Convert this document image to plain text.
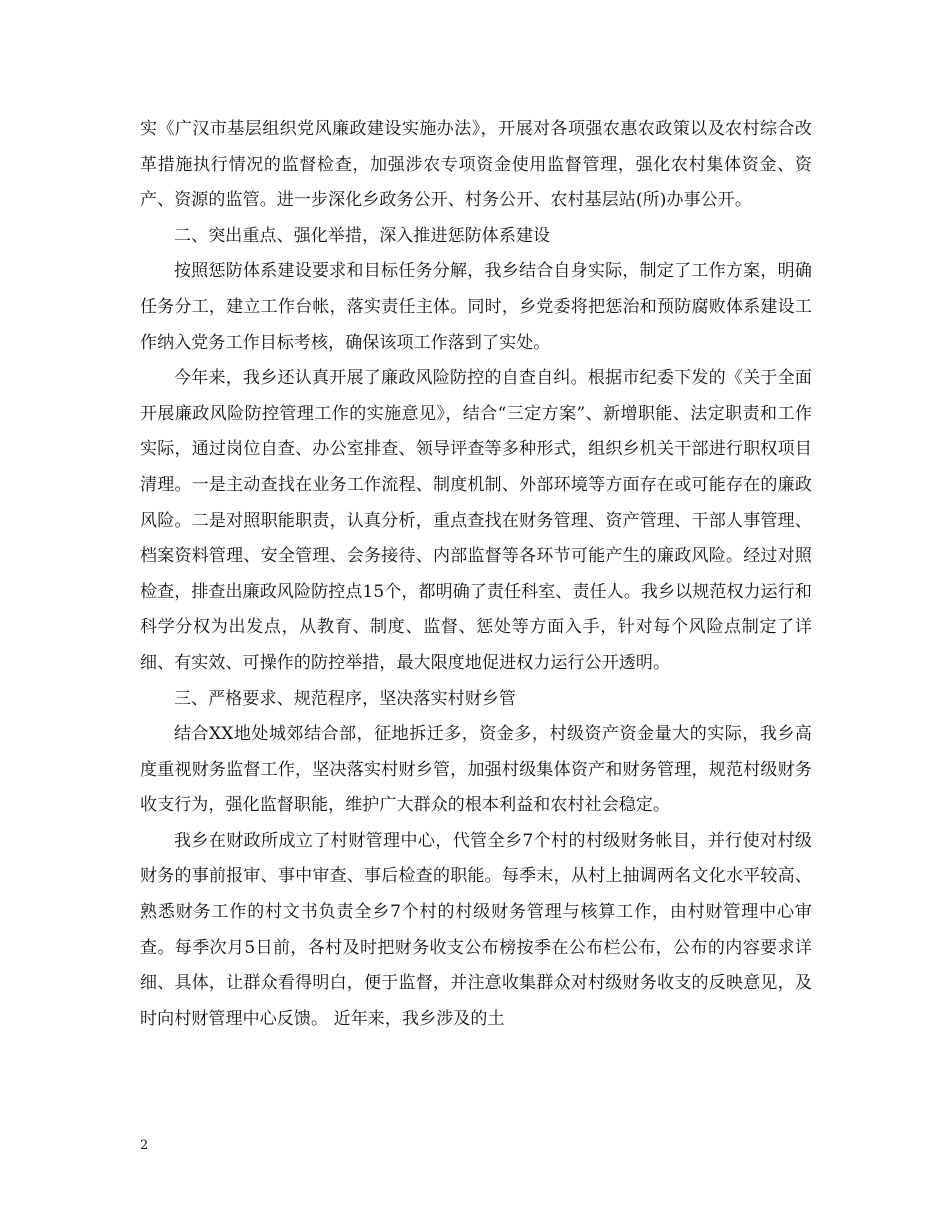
实《广汉市基层组织党风廉政建设实施办法》，开展对各项强农惠农政策以及农村综合改革措施执行情况的监督检查，加强涉农专项资金使用监督管理，强化农村集体资金、资产、资源的监管。进一步深化乡政务公开、村务公开、农村基层站(所)办事公开。

二、突出重点、强化举措，深入推进惩防体系建设

按照惩防体系建设要求和目标任务分解，我乡结合自身实际，制定了工作方案，明确任务分工，建立工作台帐，落实责任主体。同时，乡党委将把惩治和预防腐败体系建设工作纳入党务工作目标考核，确保该项工作落到了实处。

今年来，我乡还认真开展了廉政风险防控的自查自纠。根据市纪委下发的《关于全面开展廉政风险防控管理工作的实施意见》，结合“三定方案”、新增职能、法定职责和工作实际，通过岗位自查、办公室排查、领导评查等多种形式，组织乡机关干部进行职权项目清理。一是主动查找在业务工作流程、制度机制、外部环境等方面存在或可能存在的廉政风险。二是对照职能职责，认真分析，重点查找在财务管理、资产管理、干部人事管理、档案资料管理、安全管理、会务接待、内部监督等各环节可能产生的廉政风险。经过对照检查，排查出廉政风险防控点15个，都明确了责任科室、责任人。我乡以规范权力运行和科学分权为出发点，从教育、制度、监督、惩处等方面入手，针对每个风险点制定了详细、有实效、可操作的防控举措，最大限度地促进权力运行公开透明。

三、严格要求、规范程序，坚决落实村财乡管

结合XX地处城郊结合部，征地拆迁多，资金多，村级资产资金量大的实际，我乡高度重视财务监督工作，坚决落实村财乡管，加强村级集体资产和财务管理，规范村级财务收支行为，强化监督职能，维护广大群众的根本利益和农村社会稳定。

我乡在财政所成立了村财管理中心，代管全乡7个村的村级财务帐目，并行使对村级财务的事前报审、事中审查、事后检查的职能。每季末，从村上抽调两名文化水平较高、熟悉财务工作的村文书负责全乡7个村的村级财务管理与核算工作，由村财管理中心审查。每季次月5日前，各村及时把财务收支公布榜按季在公布栏公布，公布的内容要求详细、具体，让群众看得明白，便于监督，并注意收集群众对村级财务收支的反映意见，及时向村财管理中心反馈。 近年来，我乡涉及的土

2
